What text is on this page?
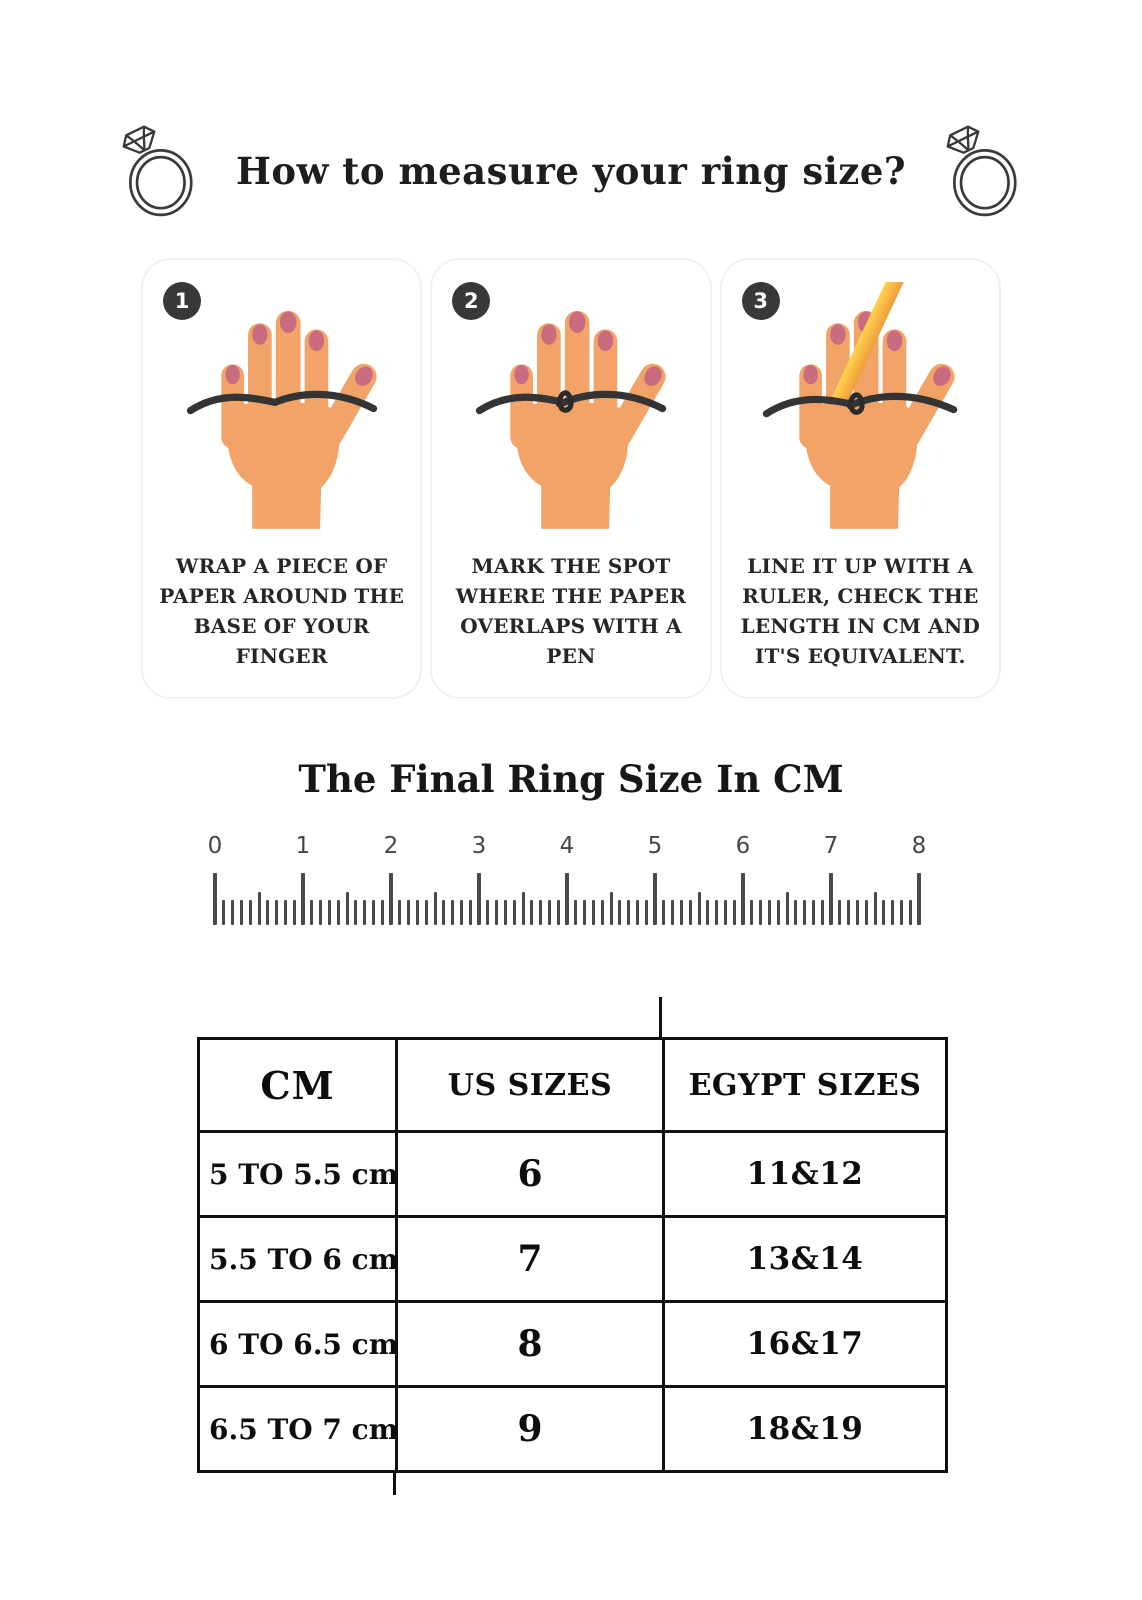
How to measure your ring size?
1

WRAP A PIECE OF PAPER AROUND THE BASE OF YOUR FINGER

2

MARK THE SPOT WHERE THE PAPER OVERLAPS WITH A PEN

3

LINE IT UP WITH A RULER, CHECK THE LENGTH IN CM AND IT'S EQUIVALENT.

The Final Ring Size In CM
0	1	2	3	4	5	6	7	8
CM	US SIZES	EGYPT SIZES
5 TO 5.5 cm	6	11&12
5.5 TO 6 cm	7	13&14
6 TO 6.5 cm	8	16&17
6.5 TO 7 cm	9	18&19
